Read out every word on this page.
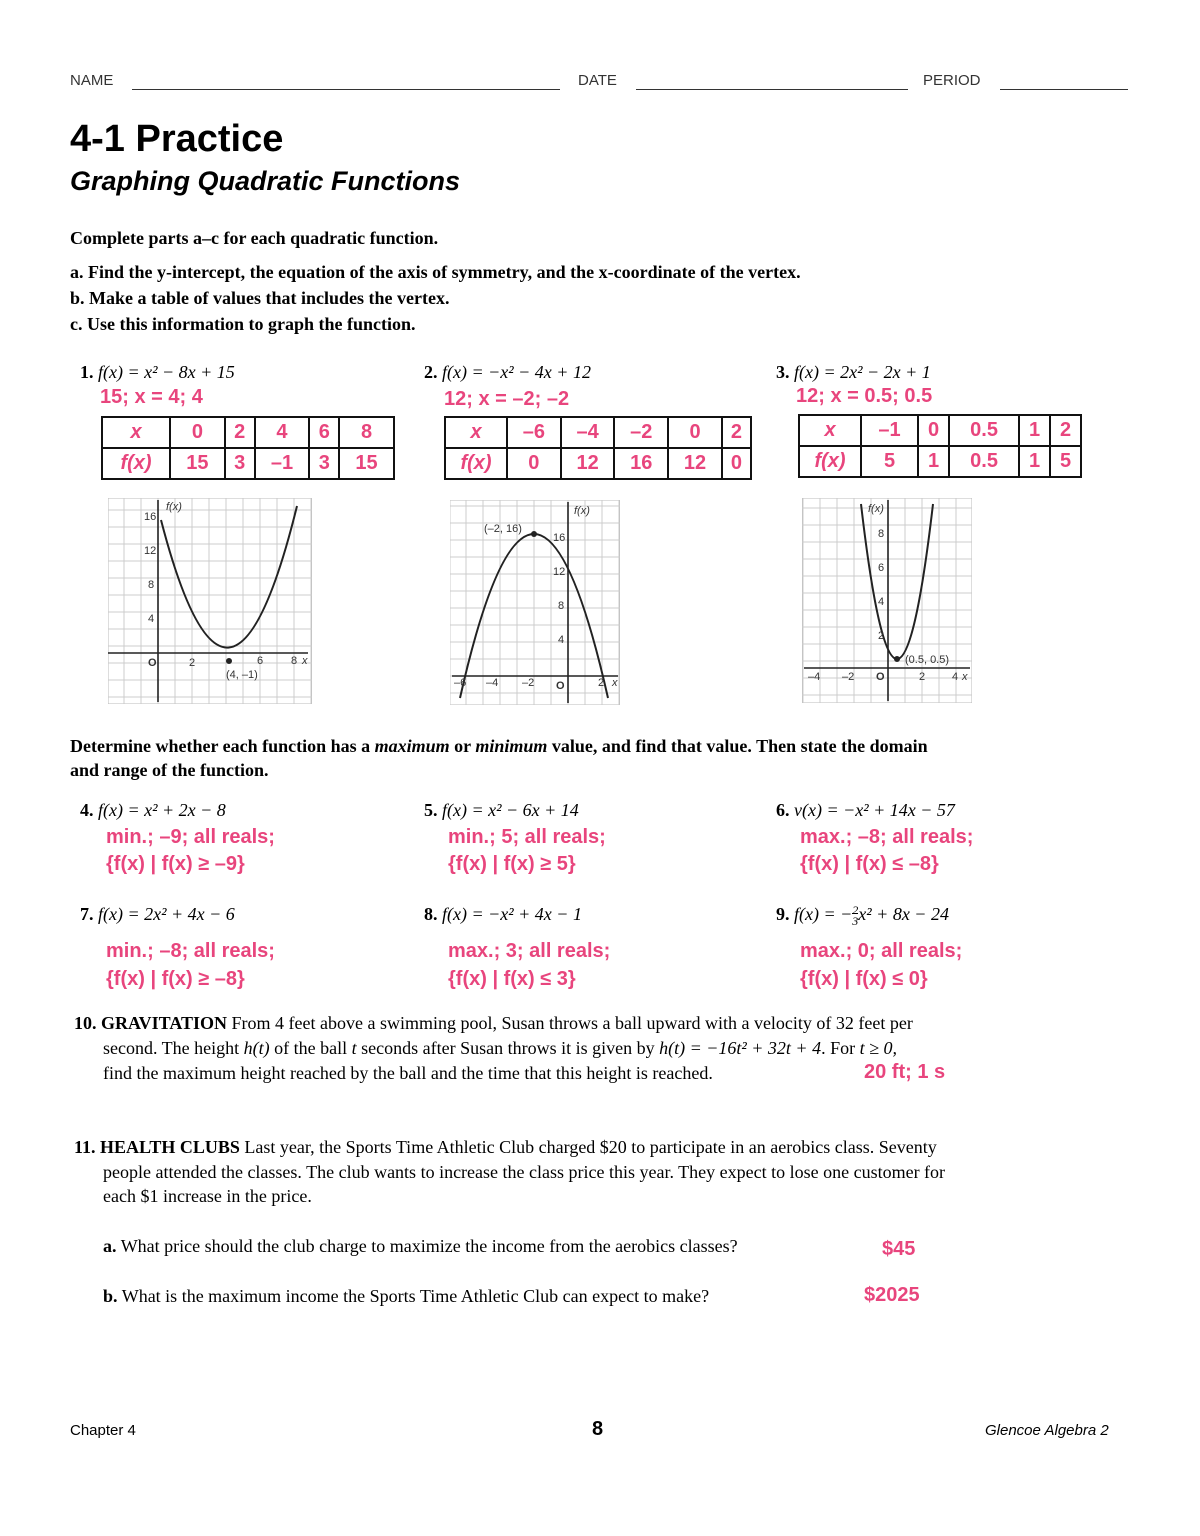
NAME	DATE	PERIOD
4-1 Practice
Graphing Quadratic Functions
Complete parts a–c for each quadratic function.
a. Find the y-intercept, the equation of the axis of symmetry, and the x-coordinate of the vertex.
b. Make a table of values that includes the vertex.
c. Use this information to graph the function.
1. f(x) = x² − 8x + 15
15; x = 4; 4
x	0	2	4	6	8
f(x)	15	3	–1	3	15
f(x)
x
O
16
12
8
4
2	6	8
(4, –1)
2. f(x) = −x² − 4x + 12
12; x = –2; –2
x	–6	–4	–2	0	2
f(x)	0	12	16	12	0
f(x)
x
O
(–2, 16)
16
12
8
4
–6 –4 –2	2
3. f(x) = 2x² − 2x + 1
12; x = 0.5; 0.5
x	–1	0	0.5	1	2
f(x)	5	1	0.5	1	5
f(x)
x
O
(0.5, 0.5)
8
6
4
2
–4 –2	2 4
Determine whether each function has a maximum or minimum value, and find that value. Then state the domain
and range of the function.
4. f(x) = x² + 2x − 8
min.; –9; all reals;
{f(x) | f(x) ≥ –9}
5. f(x) = x² − 6x + 14
min.; 5; all reals;
{f(x) | f(x) ≥ 5}
6. v(x) = −x² + 14x − 57
max.; –8; all reals;
{f(x) | f(x) ≤ –8}
7. f(x) = 2x² + 4x − 6
min.; –8; all reals;
{f(x) | f(x) ≥ –8}
8. f(x) = −x² + 4x − 1
max.; 3; all reals;
{f(x) | f(x) ≤ 3}
9. f(x) = −2
3x² + 8x − 24
max.; 0; all reals;
{f(x) | f(x) ≤ 0}
10. GRAVITATION From 4 feet above a swimming pool, Susan throws a ball upward with a velocity of 32 feet per
second. The height h(t) of the ball t seconds after Susan throws it is given by h(t) = −16t² + 32t + 4. For t ≥ 0,
find the maximum height reached by the ball and the time that this height is reached.	20 ft; 1 s
11. HEALTH CLUBS Last year, the Sports Time Athletic Club charged $20 to participate in an aerobics class. Seventy
people attended the classes. The club wants to increase the class price this year. They expect to lose one customer for
each $1 increase in the price.
a. What price should the club charge to maximize the income from the aerobics classes?	$45
b. What is the maximum income the Sports Time Athletic Club can expect to make?	$2025
Chapter 4	8	Glencoe Algebra 2
